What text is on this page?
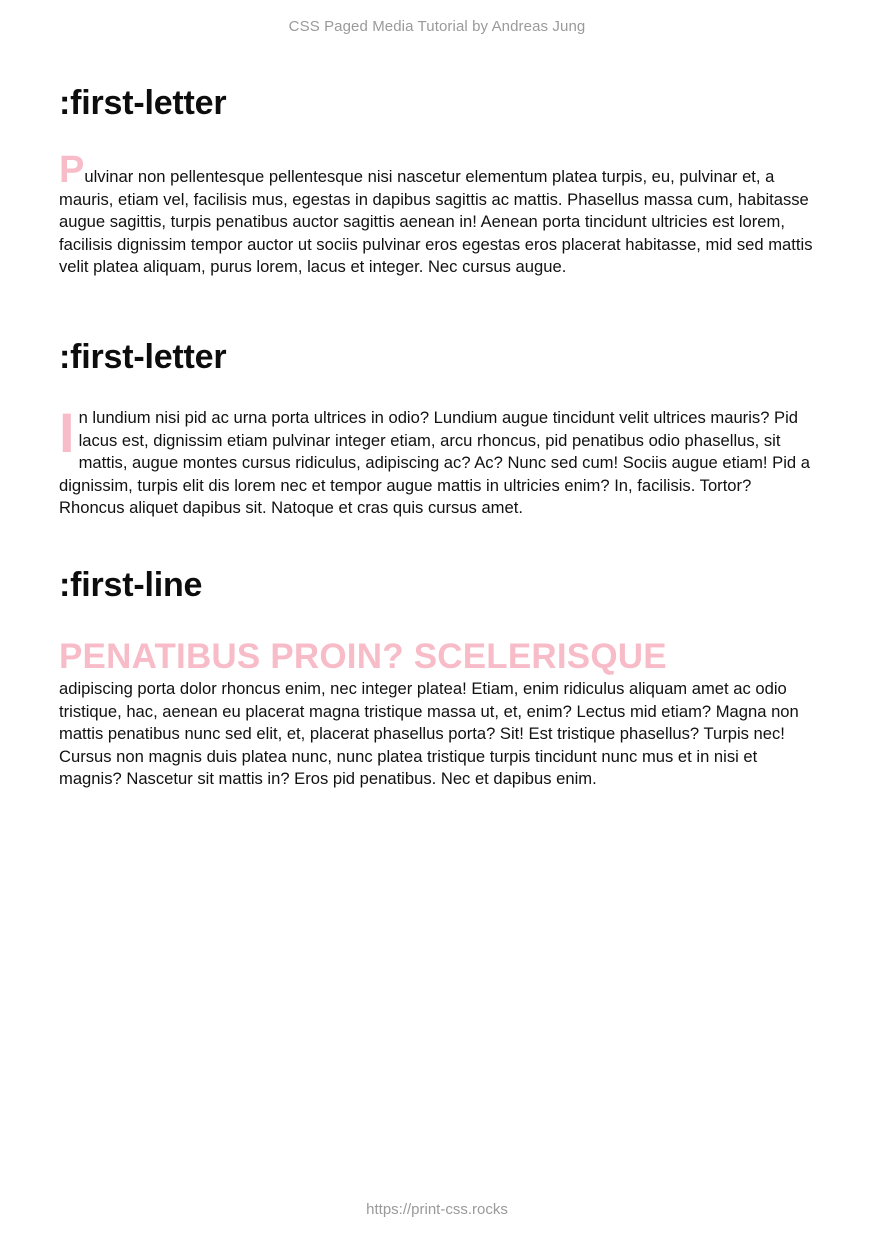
CSS Paged Media Tutorial by Andreas Jung
:first-letter

Pulvinar non pellentesque pellentesque nisi nascetur elementum platea turpis, eu, pulvinar et, a mauris, etiam vel, facilisis mus, egestas in dapibus sagittis ac mattis. Phasellus massa cum, habitasse augue sagittis, turpis penatibus auctor sagittis aenean in! Aenean porta tincidunt ultricies est lorem, facilisis dignissim tempor auctor ut sociis pulvinar eros egestas eros placerat habitasse, mid sed mattis velit platea aliquam, purus lorem, lacus et integer. Nec cursus augue.

:first-letter

In lundium nisi pid ac urna porta ultrices in odio? Lundium augue tincidunt velit ultrices mauris? Pid lacus est, dignissim etiam pulvinar integer etiam, arcu rhoncus, pid penatibus odio phasellus, sit mattis, augue montes cursus ridiculus, adipiscing ac? Ac? Nunc sed cum! Sociis augue etiam! Pid a dignissim, turpis elit dis lorem nec et tempor augue mattis in ultricies enim? In, facilisis. Tortor? Rhoncus aliquet dapibus sit. Natoque et cras quis cursus amet.

:first-line

PENATIBUS PROIN? SCELERISQUE
adipiscing porta dolor rhoncus enim, nec integer platea! Etiam, enim ridiculus aliquam amet ac odio tristique, hac, aenean eu placerat magna tristique massa ut, et, enim? Lectus mid etiam? Magna non mattis penatibus nunc sed elit, et, placerat phasellus porta? Sit! Est tristique phasellus? Turpis nec! Cursus non magnis duis platea nunc, nunc platea tristique turpis tincidunt nunc mus et in nisi et magnis? Nascetur sit mattis in? Eros pid penatibus. Nec et dapibus enim.

https://print-css.rocks
